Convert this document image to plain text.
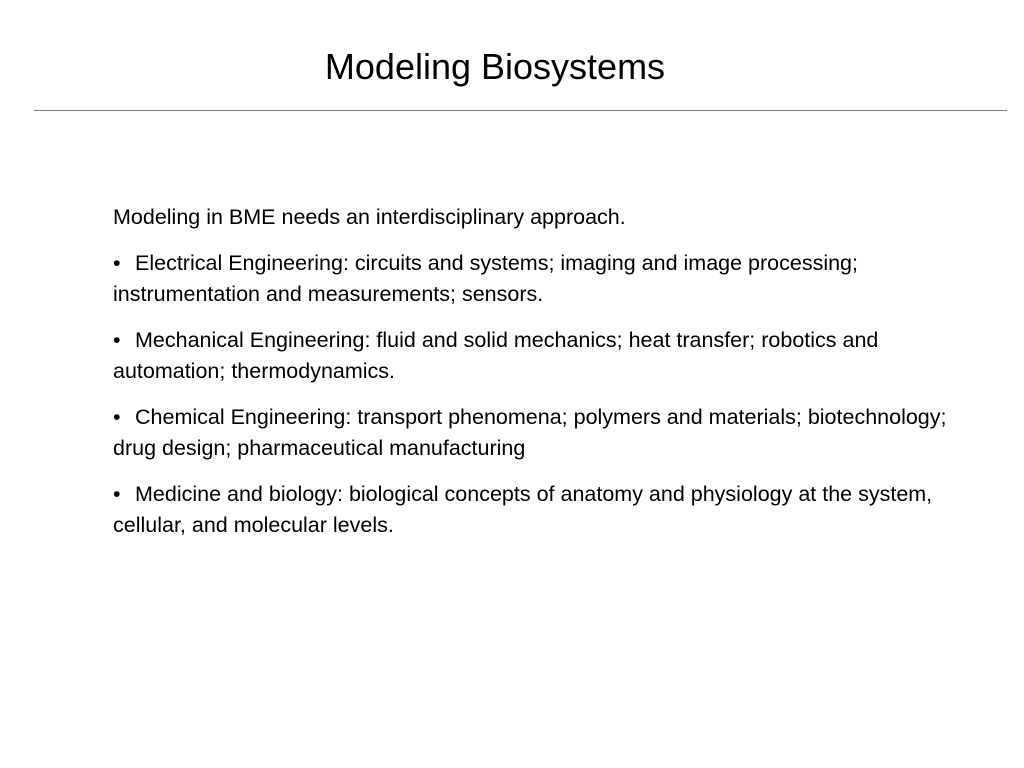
Modeling Biosystems

Modeling in BME needs an interdisciplinary approach.

• Electrical Engineering: circuits and systems; imaging and image processing; instrumentation and measurements; sensors.

• Mechanical Engineering: fluid and solid mechanics; heat transfer; robotics and automation; thermodynamics.

• Chemical Engineering: transport phenomena; polymers and materials; biotechnology; drug design; pharmaceutical manufacturing

• Medicine and biology: biological concepts of anatomy and physiology at the system, cellular, and molecular levels.
